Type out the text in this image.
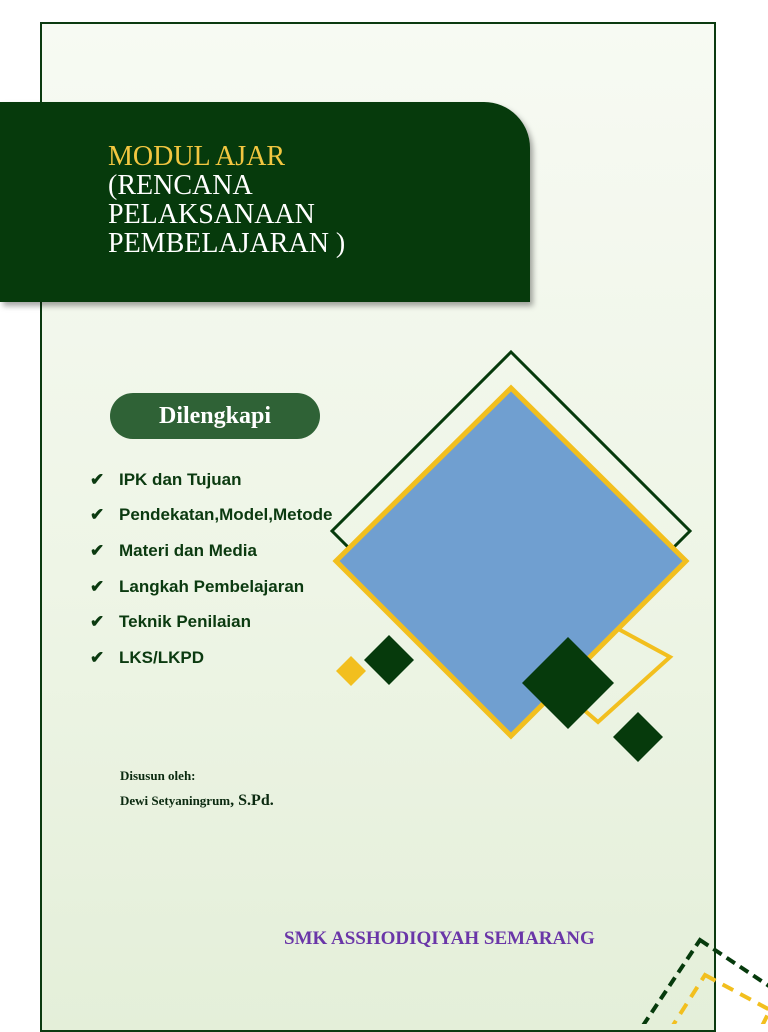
MODUL AJAR
(RENCANA
PELAKSANAAN
PEMBELAJARAN )
Dilengkapi
✔ IPK dan Tujuan
✔ Pendekatan,Model,Metode
✔ Materi dan Media
✔ Langkah Pembelajaran
✔ Teknik Penilaian
✔ LKS/LKPD
Disusun oleh:
Dewi Setyaningrum, S.Pd.
SMK ASSHODIQIYAH SEMARANG
